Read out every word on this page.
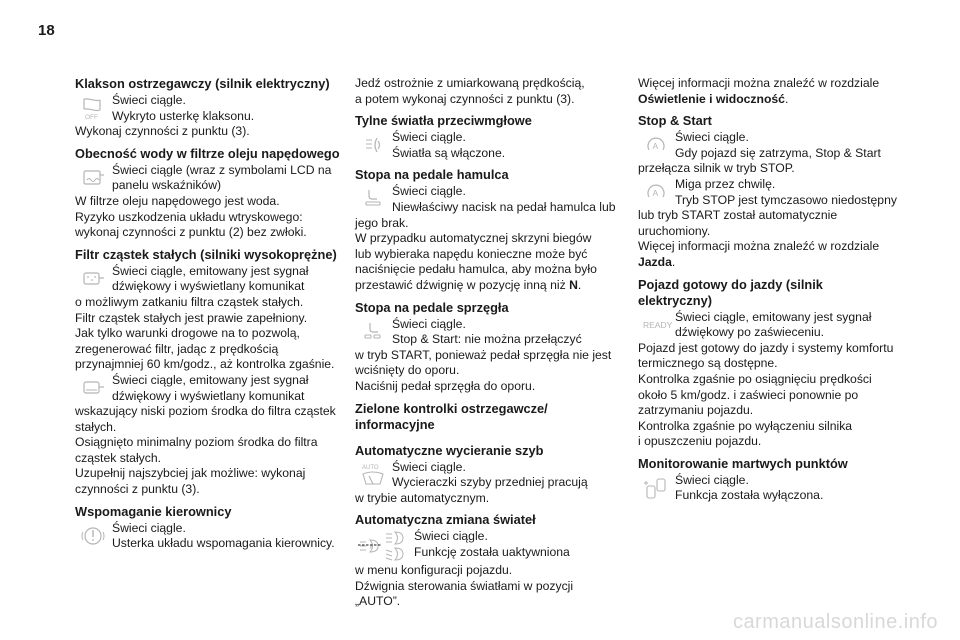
18
Klakson ostrzegawczy (silnik elektryczny)
OFF
Świeci ciągle.
Wykryto usterkę klaksonu.
Wykonaj czynności z punktu (3).
Obecność wody w filtrze oleju napędowego
Świeci ciągle (wraz z symbolami LCD na
panelu wskaźników)
W filtrze oleju napędowego jest woda.
Ryzyko uszkodzenia układu wtryskowego:
wykonaj czynności z punktu (2) bez zwłoki.
Filtr cząstek stałych (silniki wysokoprężne)
Świeci ciągle, emitowany jest sygnał
dźwiękowy i wyświetlany komunikat
o możliwym zatkaniu filtra cząstek stałych.
Filtr cząstek stałych jest prawie zapełniony.
Jak tylko warunki drogowe na to pozwolą,
zregenerować filtr, jadąc z prędkością
przynajmniej 60 km/godz., aż kontrolka zgaśnie.
Świeci ciągle, emitowany jest sygnał
dźwiękowy i wyświetlany komunikat
wskazujący niski poziom środka do filtra cząstek
stałych.
Osiągnięto minimalny poziom środka do filtra
cząstek stałych.
Uzupełnij najszybciej jak możliwe: wykonaj
czynności z punktu (3).
Wspomaganie kierownicy
Świeci ciągle.
Usterka układu wspomagania kierownicy.
Jedź ostrożnie z umiarkowaną prędkością,
a potem wykonaj czynności z punktu (3).
Tylne światła przeciwmgłowe
Świeci ciągle.
Światła są włączone.
Stopa na pedale hamulca
Świeci ciągle.
Niewłaściwy nacisk na pedał hamulca lub
jego brak.
W przypadku automatycznej skrzyni biegów
lub wybieraka napędu konieczne może być
naciśnięcie pedału hamulca, aby można było
przestawić dźwignię w pozycję inną niż N.
Stopa na pedale sprzęgła
Świeci ciągle.
Stop & Start: nie można przełączyć
w tryb START, ponieważ pedał sprzęgła nie jest
wciśnięty do oporu.
Naciśnij pedał sprzęgła do oporu.
Zielone kontrolki ostrzegawcze/ informacyjne
Automatyczne wycieranie szyb
AUTO Świeci ciągle.
Wycieraczki szyby przedniej pracują
w trybie automatycznym.
Automatyczna zmiana świateł
A
Świeci ciągle.
Funkcję została uaktywniona
w menu konfiguracji pojazdu.
Dźwignia sterowania światłami w pozycji
„AUTO”.
Więcej informacji można znaleźć w rozdziale
Oświetlenie i widoczność.
Stop & Start
A
Świeci ciągle.
Gdy pojazd się zatrzyma, Stop & Start
przełącza silnik w tryb STOP.
A
Miga przez chwilę.
Tryb STOP jest tymczasowo niedostępny
lub tryb START został automatycznie
uruchomiony.
Więcej informacji można znaleźć w rozdziale
Jazda.
Pojazd gotowy do jazdy (silnik elektryczny)
READY
Świeci ciągle, emitowany jest sygnał
dźwiękowy po zaświeceniu.
Pojazd jest gotowy do jazdy i systemy komfortu
termicznego są dostępne.
Kontrolka zgaśnie po osiągnięciu prędkości
około 5 km/godz. i zaświeci ponownie po
zatrzymaniu pojazdu.
Kontrolka zgaśnie po wyłączeniu silnika
i opuszczeniu pojazdu.
Monitorowanie martwych punktów
Świeci ciągle.
Funkcja została wyłączona.
carmanualsonline.info
